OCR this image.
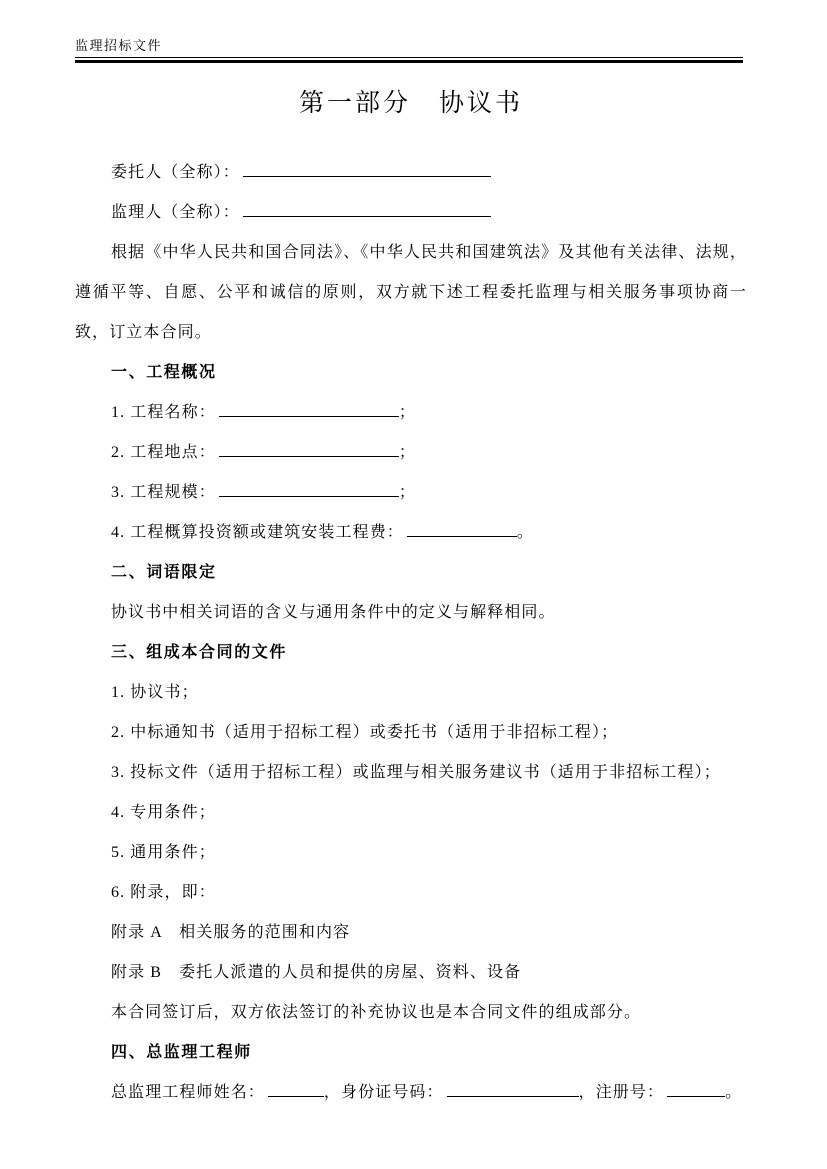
监理招标文件
第一部分　协议书

委托人（全称）：

监理人（全称）：

根据《中华人民共和国合同法》、《中华人民共和国建筑法》及其他有关法律、法规，遵循平等、自愿、公平和诚信的原则，双方就下述工程委托监理与相关服务事项协商一致，订立本合同。

一、工程概况

1. 工程名称：	；

2. 工程地点：	；

3. 工程规模：	；

4. 工程概算投资额或建筑安装工程费：	。

二、词语限定

协议书中相关词语的含义与通用条件中的定义与解释相同。

三、组成本合同的文件

1. 协议书；

2. 中标通知书（适用于招标工程）或委托书（适用于非招标工程）；

3. 投标文件（适用于招标工程）或监理与相关服务建议书（适用于非招标工程）；

4. 专用条件；

5. 通用条件；

6. 附录，即：

附录 A　相关服务的范围和内容

附录 B　委托人派遣的人员和提供的房屋、资料、设备

本合同签订后，双方依法签订的补充协议也是本合同文件的组成部分。

四、总监理工程师

总监理工程师姓名：	，身份证号码：	，注册号：	。
